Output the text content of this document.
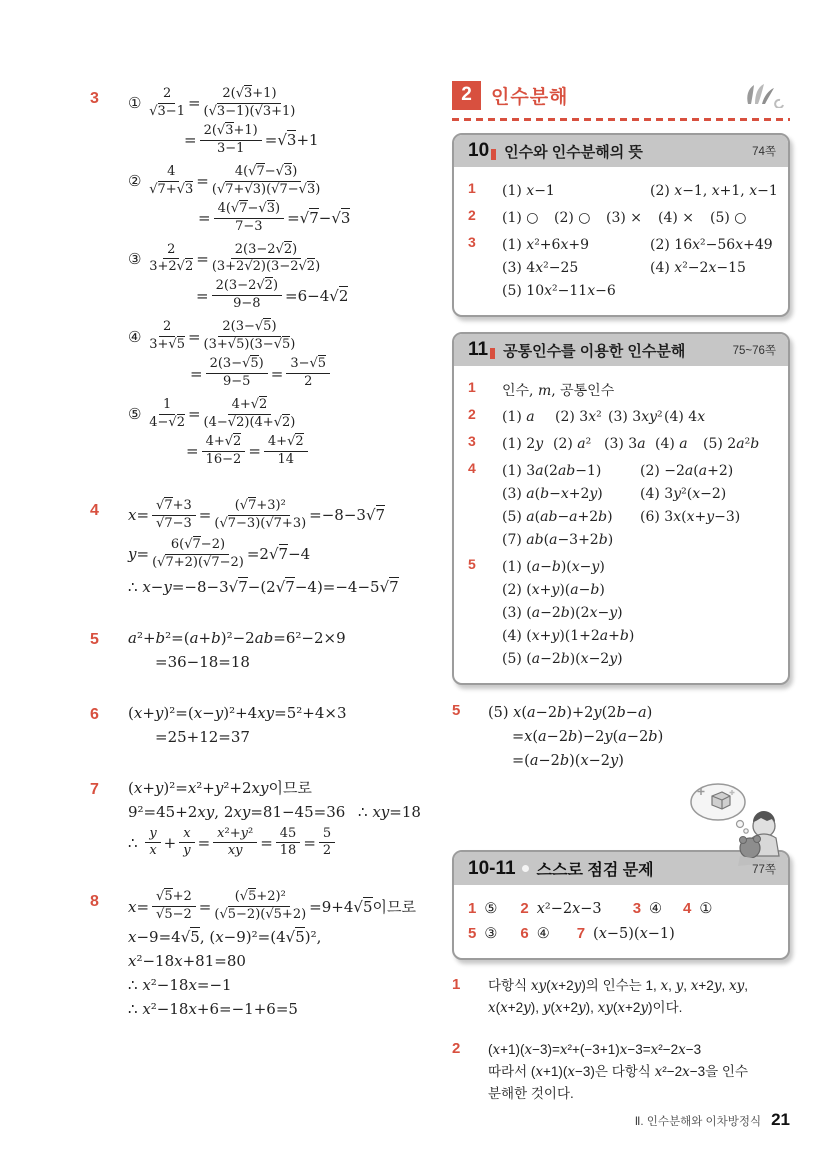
3	① $\frac{2}{√3-1} = \frac{2(√3+1)}{(√3-1)(√3+1)}$
= $\frac{2(√3+1)}{3-1} =√3+1$
② $\frac{4}{√7+√3} = \frac{4(√7-√3)}{(√7+√3)(√7-√3)}$
= $\frac{4(√7-√3)}{7-3} =√7-√3$
③ $\frac{2}{3+2√2} = \frac{2(3-2√2)}{(3+2√2)(3-2√2)}$
= $\frac{2(3-2√2)}{9-8} =6-4√2$
④ $\frac{2}{3+√5} = \frac{2(3-√5)}{(3+√5)(3-√5)}$
= $\frac{2(3-√5)}{9-5} = \frac{3-√5}{2}$
⑤ $\frac{1}{4-√2} = \frac{4+√2}{(4-√2)(4+√2)}$
= $\frac{4+√2}{16-2} = \frac{4+√2}{14}$
4	$x= \frac{√7+3}{√7-3} = \frac{\text{(√7+3)²}}{(√7-3)(√7+3)} =-8-3√7$
$y= \frac{6(√7-2)}{(√7+2)(√7-2)} =2√7-4$
∴ x−y=−8−3√7−(2√7−4)=−4−5√7
5	a²+b²=(a+b)²−2ab=6²−2×9
=36−18=18
6	(x+y)²=(x−y)²+4xy=5²+4×3
=25+12=37
7	(x+y)²=x²+y²+2xy이므로
9²=45+2xy, 2xy=81−45=36 ∴ xy=18
∴ $\frac{y}{x} + \frac{x}{y} = \frac{\text{x²+y²}}{xy} = \frac{45}{18} = \frac{5}{2}$
8	$x= \frac{√5+2}{√5-2} = \frac{\text{(√5+2)²}}{(√5-2)(√5+2)} =9+4√5$이므로
x−9=4√5, (x−9)²=(4√5)²,
x²−18x+81=80
∴ x²−18x=−1
∴ x²−18x+6=−1+6=5
2	인수분해
10 인수와 인수분해의 뜻	74쪽
1	(1) x−1	(2) x−1, x+1, x−1
2	(1) ○	(2) ○	(3) ×	(4) ×	(5) ○
3	(1) x²+6x+9	(2) 16x²−56x+49
(3) 4x²−25	(4) x²−2x−15
(5) 10x²−11x−6
11 공통인수를 이용한 인수분해	75~76쪽
1	인수, m, 공통인수
2	(1) a	(2) 3x² (3) 3xy² (4) 4x
3	(1) 2y (2) a² (3) 3a (4) a	(5) 2a²b
4	(1) 3a(2ab−1)	(2) −2a(a+2)
(3) a(b−x+2y)	(4) 3y²(x−2)
(5) a(ab−a+2b)	(6) 3x(x+y−3)
(7) ab(a−3+2b)
5	(1) (a−b)(x−y)
(2) (x+y)(a−b)
(3) (a−2b)(2x−y)
(4) (x+y)(1+2a+b)
(5) (a−2b)(x−2y)
5	(5) x(a−2b)+2y(2b−a)
=x(a−2b)−2y(a−2b)
=(a−2b)(x−2y)
10-11 스스로 점검 문제	77쪽
1 ⑤	2 x²−2x−3	3 ④	4 ①
5 ③	6 ④	7 (x−5)(x−1)
1	다항식 xy(x+2y)의 인수는 1, x, y, x+2y, xy,
x(x+2y), y(x+2y), xy(x+2y)이다.
2	(x+1)(x−3)=x²+(−3+1)x−3=x²−2x−3
따라서 (x+1)(x−3)은 다항식 x²−2x−3을 인수
분해한 것이다.
Ⅱ. 인수분해와 이차방정식 21
